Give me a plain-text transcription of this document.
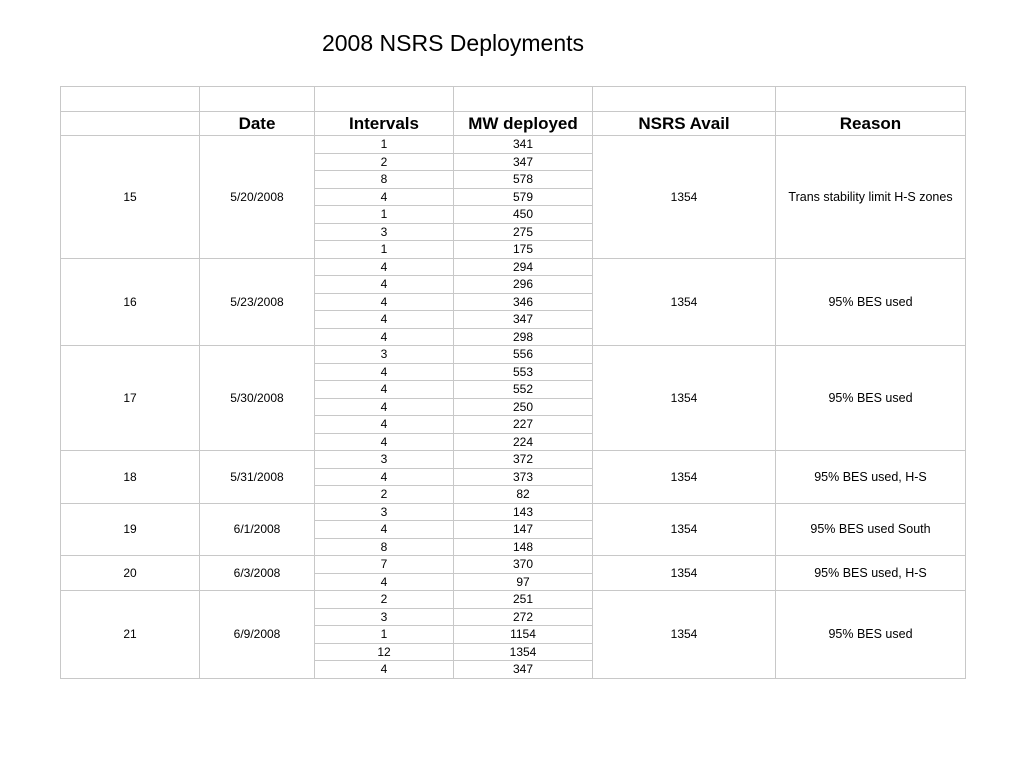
2008 NSRS Deployments

	Date	Intervals	MW deployed	NSRS Avail	Reason
15	5/20/2008	1	341	1354	Trans stability limit H-S zones
		2	347		
		8	578		
		4	579		
		1	450		
		3	275		
		1	175		
16	5/23/2008	4	294	1354	95% BES used
		4	296		
		4	346		
		4	347		
		4	298		
17	5/30/2008	3	556	1354	95% BES used
		4	553		
		4	552		
		4	250		
		4	227		
		4	224		
18	5/31/2008	3	372	1354	95% BES used, H-S
		4	373		
		2	82		
19	6/1/2008	3	143	1354	95% BES used South
		4	147		
		8	148		
20	6/3/2008	7	370	1354	95% BES used, H-S
		4	97		
21	6/9/2008	2	251	1354	95% BES used
		3	272		
		1	1154		
		12	1354		
		4	347		
